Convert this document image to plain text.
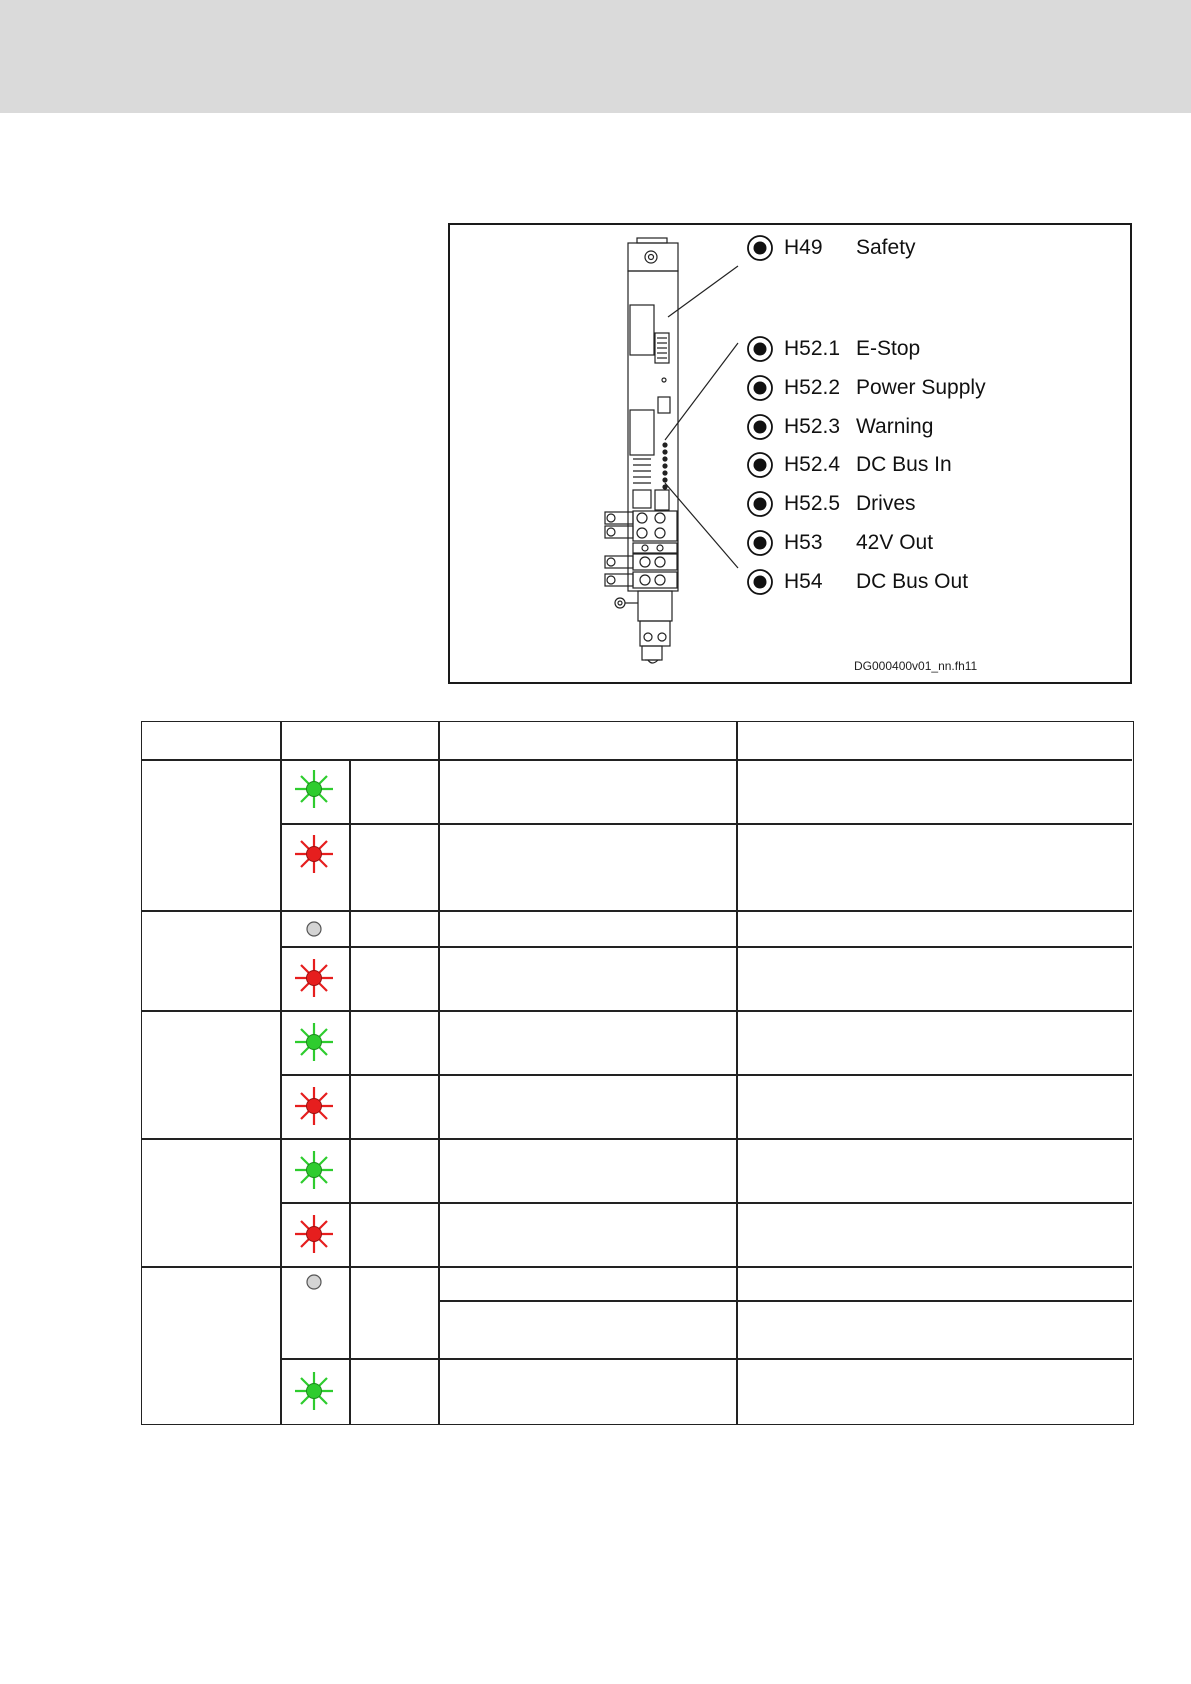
H49 Safety
H52.1 E-Stop
H52.2 Power Supply
H52.3 Warning
H52.4 DC Bus In
H52.5 Drives
H53 42V Out
H54 DC Bus Out
DG000400v01_nn.fh11
